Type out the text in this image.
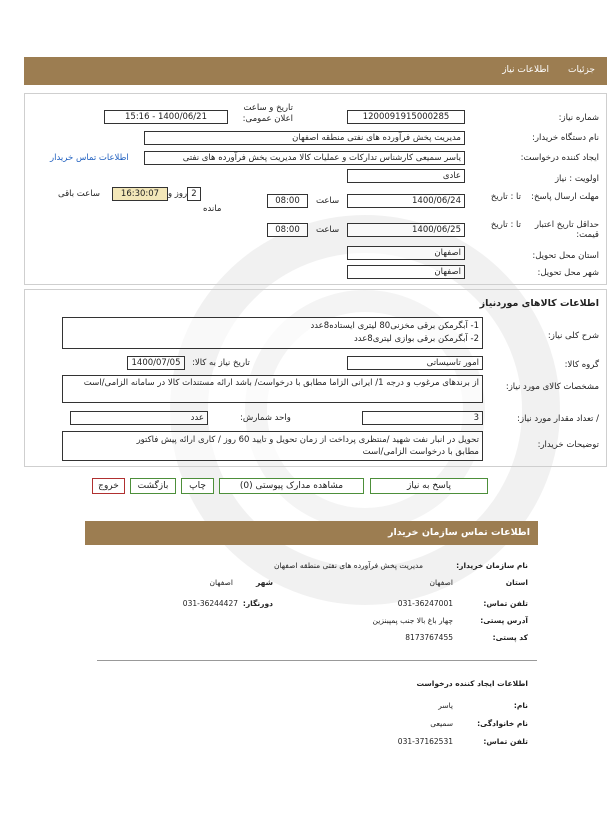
جزئیات
اطلاعات نیاز
شماره نیاز:
1200091915000285
تاریخ و ساعت اعلان عمومی:
1400/06/21 - 15:16
نام دستگاه خریدار:
مدیریت پخش فرآورده های نفتی منطقه اصفهان
ایجاد کننده درخواست:
یاسر سمیعی کارشناس تدارکات و عملیات کالا مدیریت پخش فرآورده های نفتی
اطلاعات تماس خریدار
اولویت : نیاز
عادی
مهلت ارسال پاسخ:
تا : تاریخ
1400/06/24
ساعت
08:00
2
روز و
مانده
16:30:07
ساعت باقی
حداقل تاریخ اعتبار قیمت:
تا : تاریخ
1400/06/25
ساعت
08:00
استان محل تحویل:
اصفهان
شهر محل تحویل:
اصفهان
اطلاعات کالاهای موردنیاز
شرح کلی نیاز:
1- آبگرمکن برقی مخزنی80 لیتری ایستاده8عدد
2- آبگرمکن برقی بوازی لیتری8عدد
گروه کالا:
امور تاسیساتی
تاریخ نیاز به کالا:
1400/07/05
مشخصات کالای مورد نیاز:
از برندهای مرغوب و درجه 1/ ایرانی الزاما مطابق با درخواست/ باشد ارائه مستندات کالا در سامانه الزامی/است
/ تعداد مقدار مورد نیاز:
3
واحد شمارش:
عدد
توضیحات خریدار:
تحویل در انبار نفت شهید /منتظری پرداخت از زمان تحویل و تایید 60 روز / کاری ارائه پیش فاکتور
مطابق با درخواست الزامی/است
پاسخ به نیاز
مشاهده مدارک پیوستی (0)
چاپ
بازگشت
خروج
اطلاعات تماس سازمان خریدار
نام سازمان خریدار:
مدیریت پخش فرآورده های نفتی منطقه اصفهان
استان
اصفهان
شهر
اصفهان
تلفن تماس:
031-36247001
دورنگار:
031-36244427
آدرس پستی:
چهار باغ بالا جنب پمپبنزین
کد پستی:
8173767455
اطلاعات ایجاد کننده درخواست
نام:
یاسر
نام خانوادگی:
سمیعی
تلفن تماس:
031-37162531
